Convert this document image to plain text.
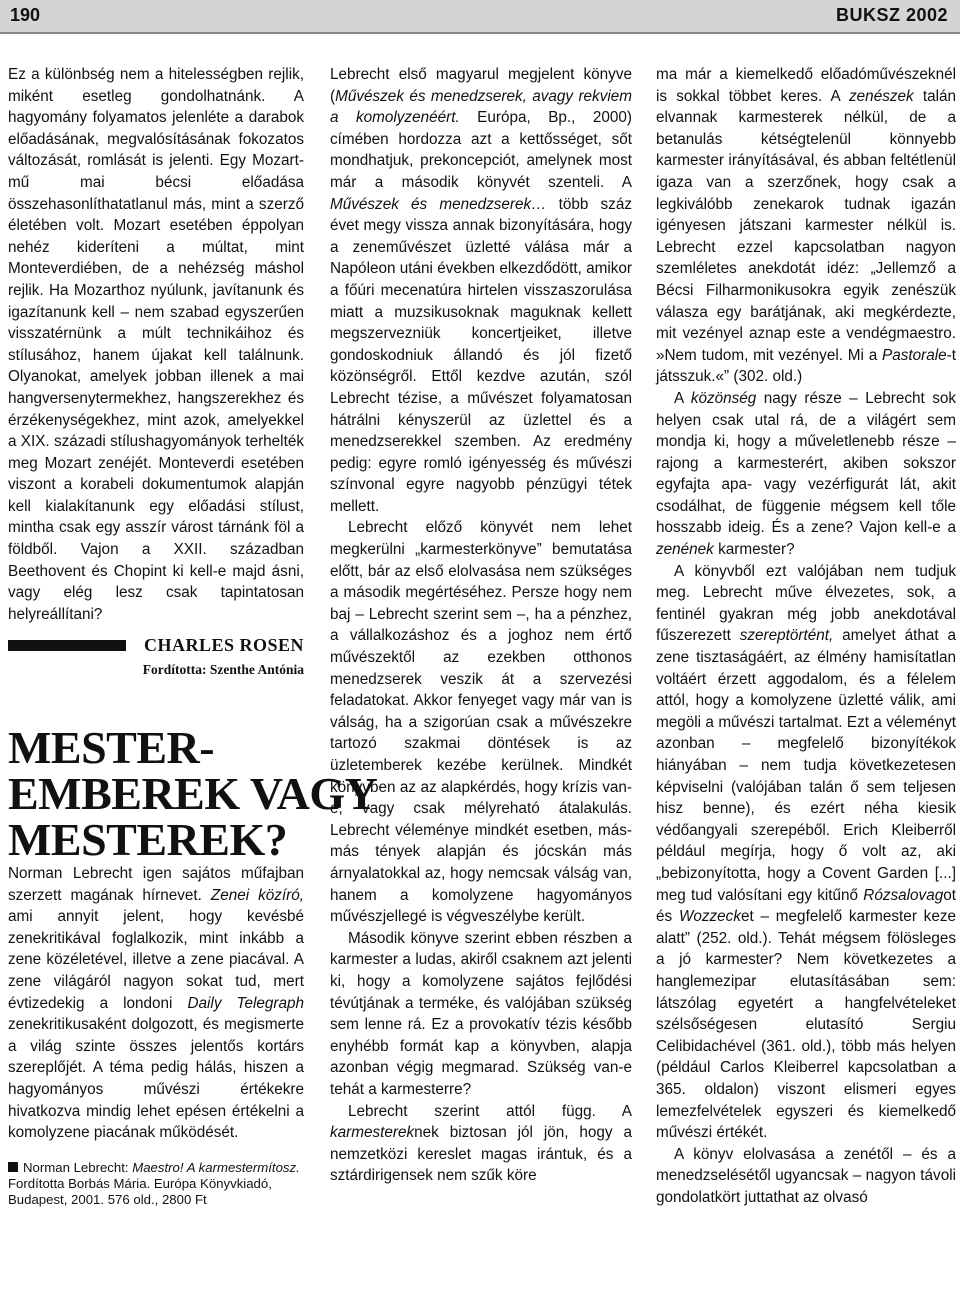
190	BUKSZ 2002

Ez a különbség nem a hitelességben rejlik, miként esetleg gondolhatnánk. A hagyomány folyamatos jelenléte a darabok előadásának, megvalósításának fokozatos változását, romlását is jelenti. Egy Mozart-mű mai bécsi előadása összehasonlíthatatlanul más, mint a szerző életében volt. Mozart esetében éppolyan nehéz kideríteni a múltat, mint Monteverdiében, de a nehézség máshol rejlik. Ha Mozarthoz nyúlunk, javítanunk és igazítanunk kell – nem szabad egyszerűen visszatérnünk a múlt technikáihoz és stílusához, hanem újakat kell találnunk. Olyanokat, amelyek jobban illenek a mai hangversenytermekhez, hangszerekhez és érzékenységekhez, mint azok, amelyekkel a XIX. századi stílushagyományok terhelték meg Mozart zenéjét. Monteverdi esetében viszont a korabeli dokumentumok alapján kell kialakítanunk egy előadási stílust, mintha csak egy asszír várost tárnánk föl a földből. Vajon a XXII. században Beethovent és Chopint ki kell-e majd ásni, vagy elég lesz csak tapintatosan helyreállítani?

CHARLES ROSEN
Fordította: Szenthe Antónia
MESTER-
EMBEREK VAGY
MESTEREK?

Norman Lebrecht igen sajátos műfajban szerzett magának hírnevet. Zenei közíró, ami annyit jelent, hogy kevésbé zenekritikával foglalkozik, mint inkább a zene közéletével, illetve a zene piacával. A zene világáról nagyon sokat tud, mert évtizedekig a londoni Daily Telegraph zenekritikusaként dolgozott, és megismerte a világ szinte összes jelentős kortárs szereplőjét. A téma pedig hálás, hiszen a hagyományos művészi értékekre hivatkozva mindig lehet epésen értékelni a komolyzene piacának működését.

Norman Lebrecht: Maestro! A karmestermítosz. Fordította Borbás Mária. Európa Könyvkiadó, Budapest, 2001. 576 old., 2800 Ft

Lebrecht első magyarul megjelent könyve (Művészek és menedzserek, avagy rekviem a komolyzenéért. Európa, Bp., 2000) címében hordozza azt a kettősséget, sőt mondhatjuk, prekoncepciót, amelynek most már a második könyvét szenteli. A Művészek és menedzserek… több száz évet megy vissza annak bizonyítására, hogy a zeneművészet üzletté válása már a Napóleon utáni években elkezdődött, amikor a főúri mecenatúra hirtelen visszaszorulása miatt a muzsikusoknak maguknak kellett megszervezniük koncertjeiket, illetve gondoskodniuk állandó és jól fizető közönségről. Ettől kezdve azután, szól Lebrecht tézise, a művészet folyamatosan hátrálni kényszerül az üzlettel és a menedzserekkel szemben. Az eredmény pedig: egyre romló igényesség és művészi színvonal egyre nagyobb pénzügyi tétek mellett.

Lebrecht előző könyvét nem lehet megkerülni „karmesterkönyve” bemutatása előtt, bár az első elolvasása nem szükséges a második megértéséhez. Persze hogy nem baj – Lebrecht szerint sem –, ha a pénzhez, a vállalkozáshoz és a joghoz nem értő művészektől az ezekben otthonos menedzserek veszik át a szervezési feladatokat. Akkor fenyeget vagy már van is válság, ha a szigorúan csak a művészekre tartozó szakmai döntések is az üzletemberek kezébe kerülnek. Mindkét könyvben az az alapkérdés, hogy krízis van-e, vagy csak mélyreható átalakulás. Lebrecht véleménye mindkét esetben, más-más tények alapján és jócskán más árnyalatokkal az, hogy nemcsak válság van, hanem a komolyzene hagyományos művészjellegé is végveszélybe került.

Második könyve szerint ebben részben a karmester a ludas, akiről csaknem azt jelenti ki, hogy a komolyzene sajátos fejlődési tévútjának a terméke, és valójában szükség sem lenne rá. Ez a provokatív tézis később enyhébb formát kap a könyvben, alapja azonban végig megmarad. Szükség van-e tehát a karmesterre?

Lebrecht szerint attól függ. A karmestereknek biztosan jól jön, hogy a nemzetközi kereslet magas irántuk, és a sztárdirigensek nem szűk köre

ma már a kiemelkedő előadóművészeknél is sokkal többet keres. A zenészek talán elvannak karmesterek nélkül, de a betanulás kétségtelenül könnyebb karmester irányításával, és abban feltétlenül igaza van a szerzőnek, hogy csak a legkiválóbb zenekarok tudnak igazán igényesen játszani karmester nélkül is. Lebrecht ezzel kapcsolatban nagyon szemléletes anekdotát idéz: „Jellemző a Bécsi Filharmonikusokra egyik zenészük válasza egy barátjának, aki megkérdezte, mit vezényel aznap este a vendégmaestro. »Nem tudom, mit vezényel. Mi a Pastorale-t játsszuk.«” (302. old.)

A közönség nagy része – Lebrecht sok helyen csak utal rá, de a világért sem mondja ki, hogy a műveletlenebb része – rajong a karmesterért, akiben sokszor egyfajta apa- vagy vezérfigurát lát, akit csodálhat, de függenie mégsem kell tőle hosszabb ideig. És a zene? Vajon kell-e a zenének karmester?

A könyvből ezt valójában nem tudjuk meg. Lebrecht műve élvezetes, sok, a fentinél gyakran még jobb anekdotával fűszerezett szereptörtént, amelyet áthat a zene tisztaságáért, az élmény hamisítatlan voltáért érzett aggodalom, és a félelem attól, hogy a komolyzene üzletté válik, ami megöli a művészi tartalmat. Ezt a véleményt azonban – megfelelő bizonyítékok hiányában – nem tudja következetesen képviselni (valójában talán ő sem teljesen hisz benne), és ezért néha kiesik védőangyali szerepéből. Erich Kleiberről például megírja, hogy ő volt az, aki „bebizonyította, hogy a Covent Garden [...] meg tud valósítani egy kitűnő Rózsalovagot és Wozzecket – megfelelő karmester keze alatt” (252. old.). Tehát mégsem fölösleges a jó karmester? Nem következetes a hanglemezipar elutasításában sem: látszólag egyetért a hangfelvételeket szélsőségesen elutasító Sergiu Celibidachével (361. old.), több más helyen (például Carlos Kleiberrel kapcsolatban a 365. oldalon) viszont elismeri egyes lemezfelvételek egyszeri és kiemelkedő művészi értékét.

A könyv elolvasása a zenétől – és a menedzselésétől ugyancsak – nagyon távoli gondolatkört juttathat az olvasó
